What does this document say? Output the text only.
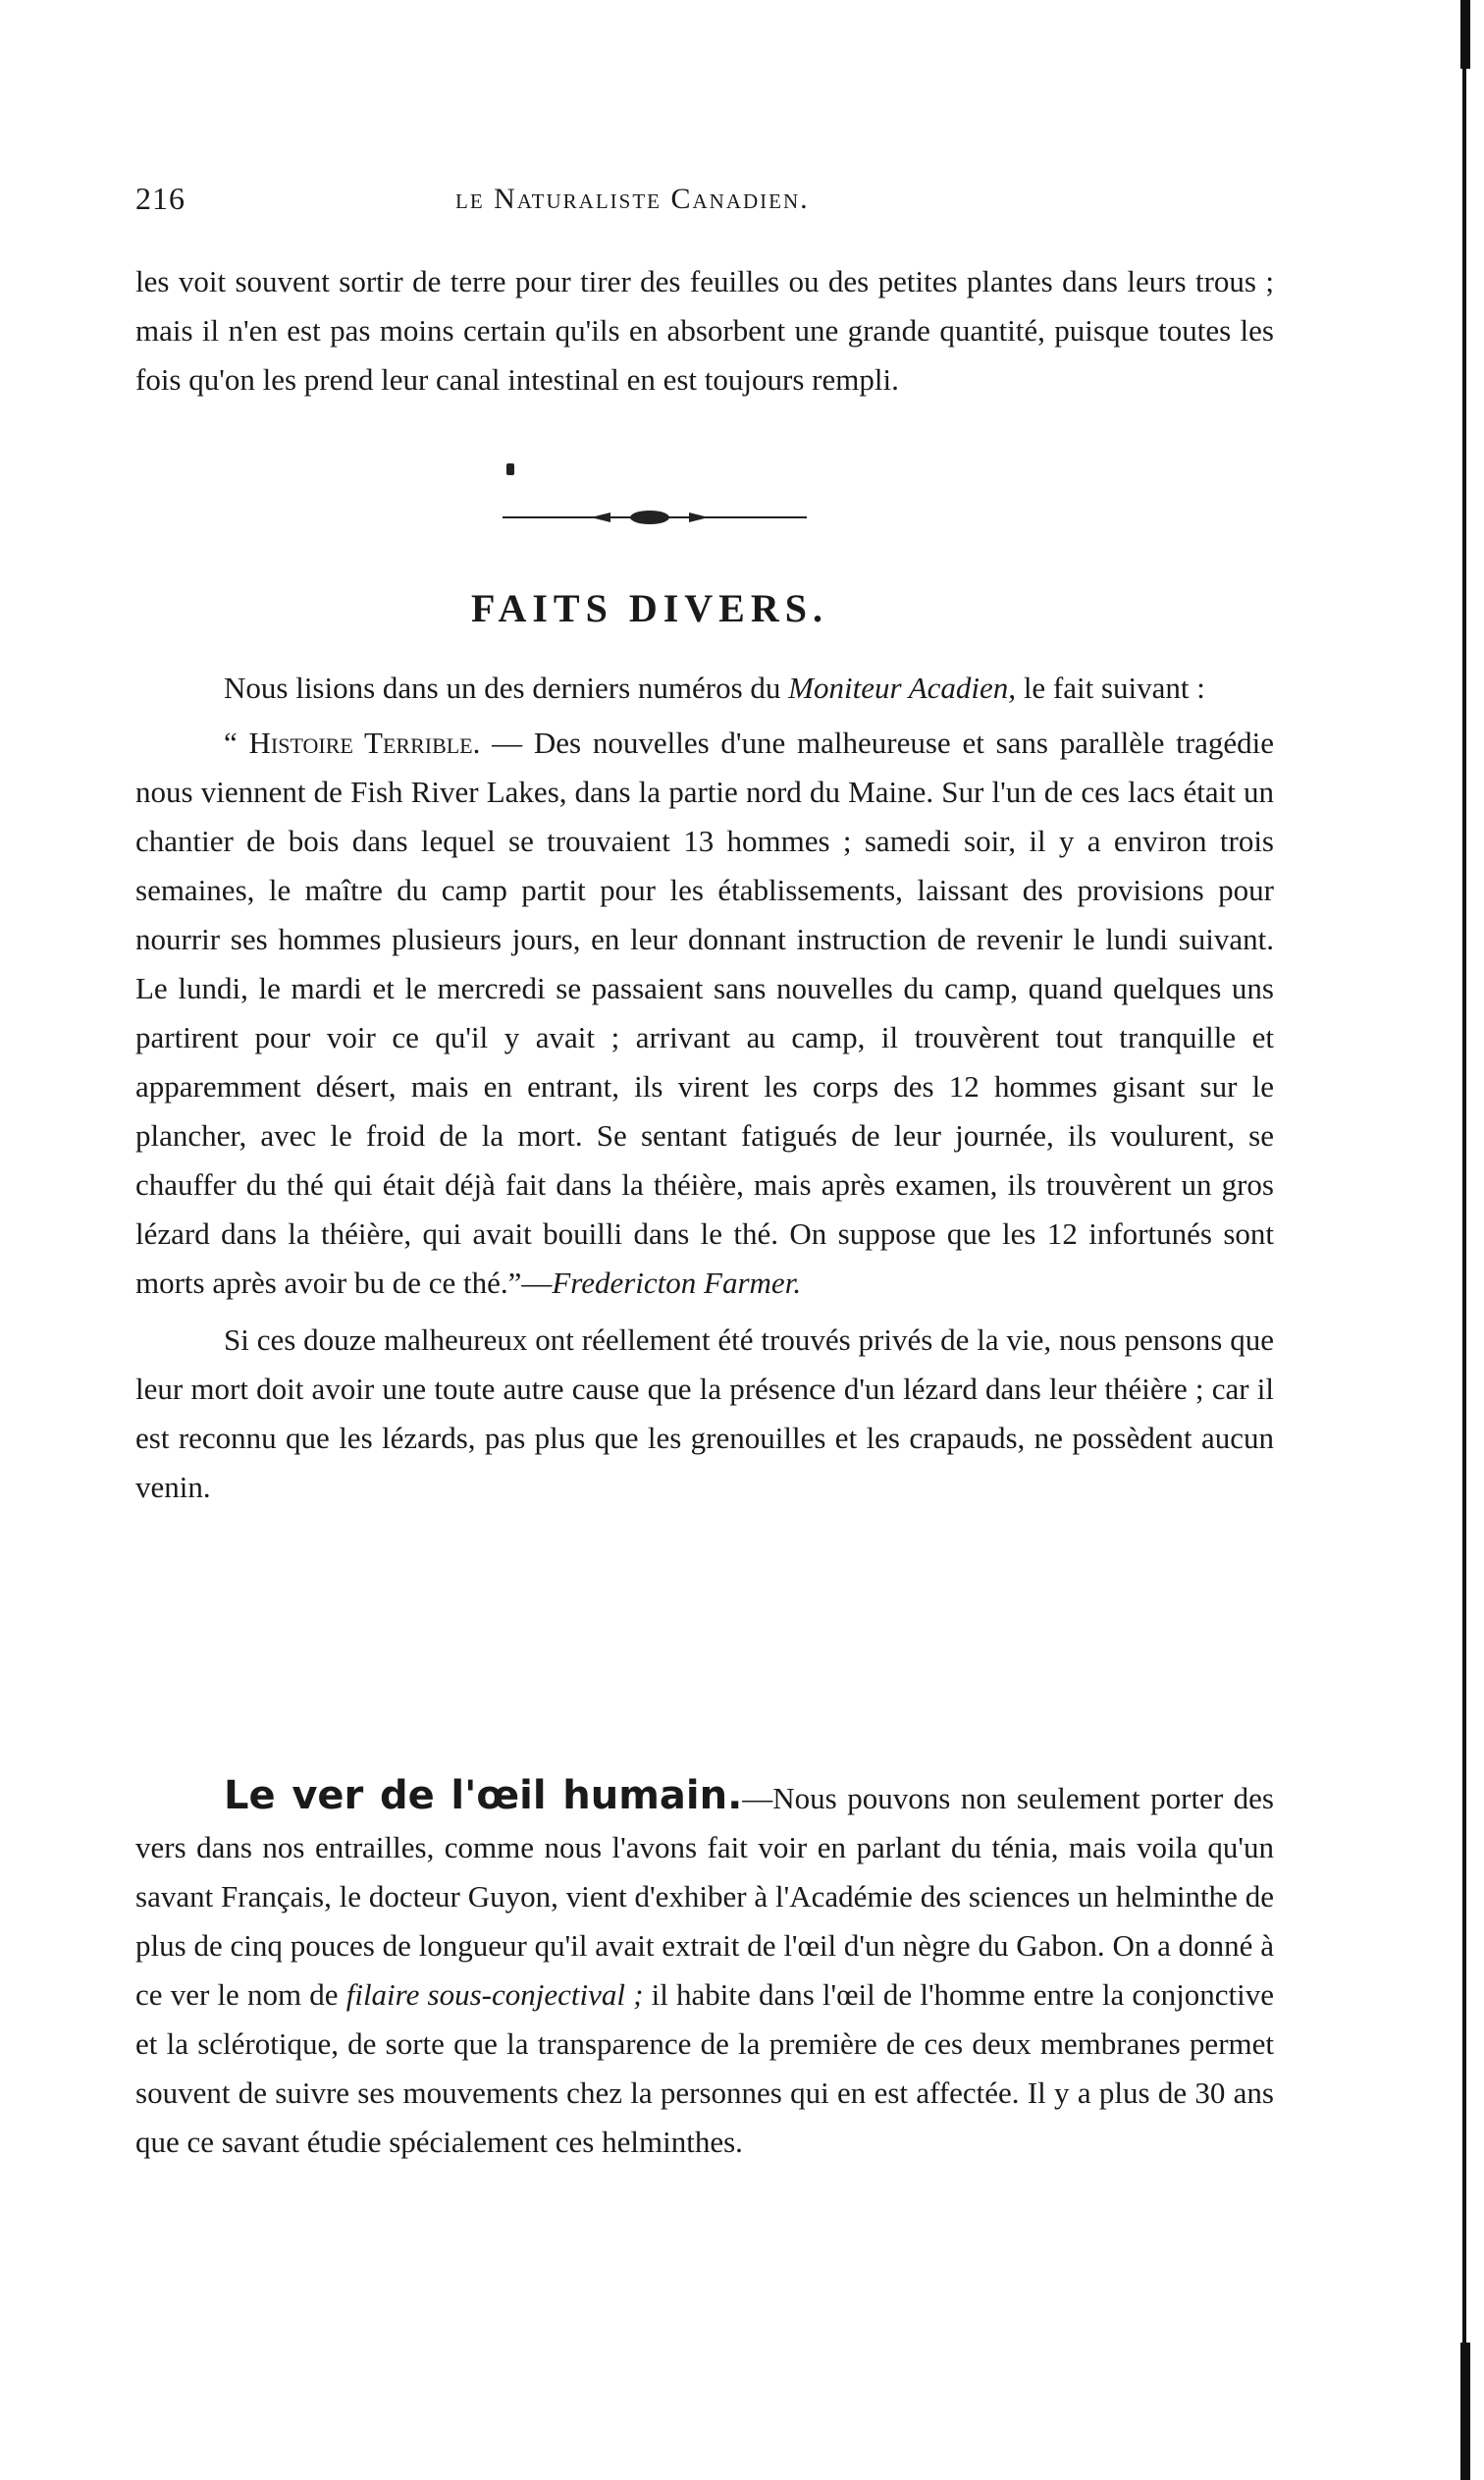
216	le Naturaliste Canadien.

les voit souvent sortir de terre pour tirer des feuilles ou des petites plantes dans leurs trous ; mais il n'en est pas moins certain qu'ils en absorbent une grande quantité, puisque toutes les fois qu'on les prend leur canal intestinal en est toujours rempli.

FAITS DIVERS.

Nous lisions dans un des derniers numéros du Moniteur Acadien, le fait suivant :

“ Histoire Terrible. — Des nouvelles d'une malheureuse et sans parallèle tragédie nous viennent de Fish River Lakes, dans la partie nord du Maine. Sur l'un de ces lacs était un chantier de bois dans lequel se trouvaient 13 hommes ; samedi soir, il y a environ trois semaines, le maître du camp partit pour les établissements, laissant des provisions pour nourrir ses hommes plusieurs jours, en leur donnant instruction de revenir le lundi suivant. Le lundi, le mardi et le mercredi se passaient sans nouvelles du camp, quand quelques uns partirent pour voir ce qu'il y avait ; arrivant au camp, il trouvèrent tout tranquille et apparemment désert, mais en entrant, ils virent les corps des 12 hommes gisant sur le plancher, avec le froid de la mort. Se sentant fatigués de leur journée, ils voulurent, se chauffer du thé qui était déjà fait dans la théière, mais après examen, ils trouvèrent un gros lézard dans la théière, qui avait bouilli dans le thé. On suppose que les 12 infortunés sont morts après avoir bu de ce thé.”—Fredericton Farmer.

Si ces douze malheureux ont réellement été trouvés privés de la vie, nous pensons que leur mort doit avoir une toute autre cause que la présence d'un lézard dans leur théière ; car il est reconnu que les lézards, pas plus que les grenouilles et les crapauds, ne possèdent aucun venin.

Le ver de l'œil humain.—Nous pouvons non seulement porter des vers dans nos entrailles, comme nous l'avons fait voir en parlant du ténia, mais voila qu'un savant Français, le docteur Guyon, vient d'exhiber à l'Académie des sciences un helminthe de plus de cinq pouces de longueur qu'il avait extrait de l'œil d'un nègre du Gabon. On a donné à ce ver le nom de filaire sous-conjectival ; il habite dans l'œil de l'homme entre la conjonctive et la sclérotique, de sorte que la transparence de la première de ces deux membranes permet souvent de suivre ses mouvements chez la personnes qui en est affectée. Il y a plus de 30 ans que ce savant étudie spécialement ces helminthes.
